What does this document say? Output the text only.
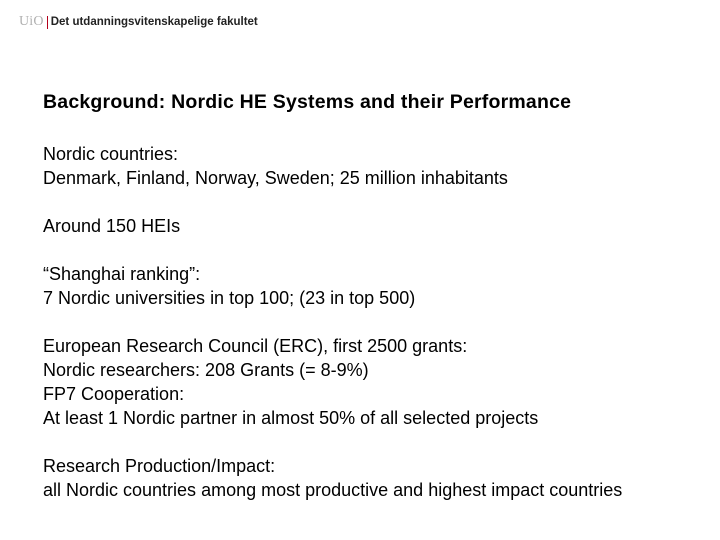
UiO Det utdanningsvitenskapelige fakultet
Background: Nordic HE Systems and their Performance
Nordic countries:
Denmark, Finland, Norway, Sweden; 25 million inhabitants
Around 150 HEIs
“Shanghai ranking”:
7 Nordic universities in top 100; (23 in top 500)
European Research Council (ERC), first 2500 grants:
Nordic researchers: 208 Grants (= 8-9%)
FP7 Cooperation:
At least 1 Nordic partner in almost 50% of all selected projects
Research Production/Impact:
all Nordic countries among most productive and highest impact countries
